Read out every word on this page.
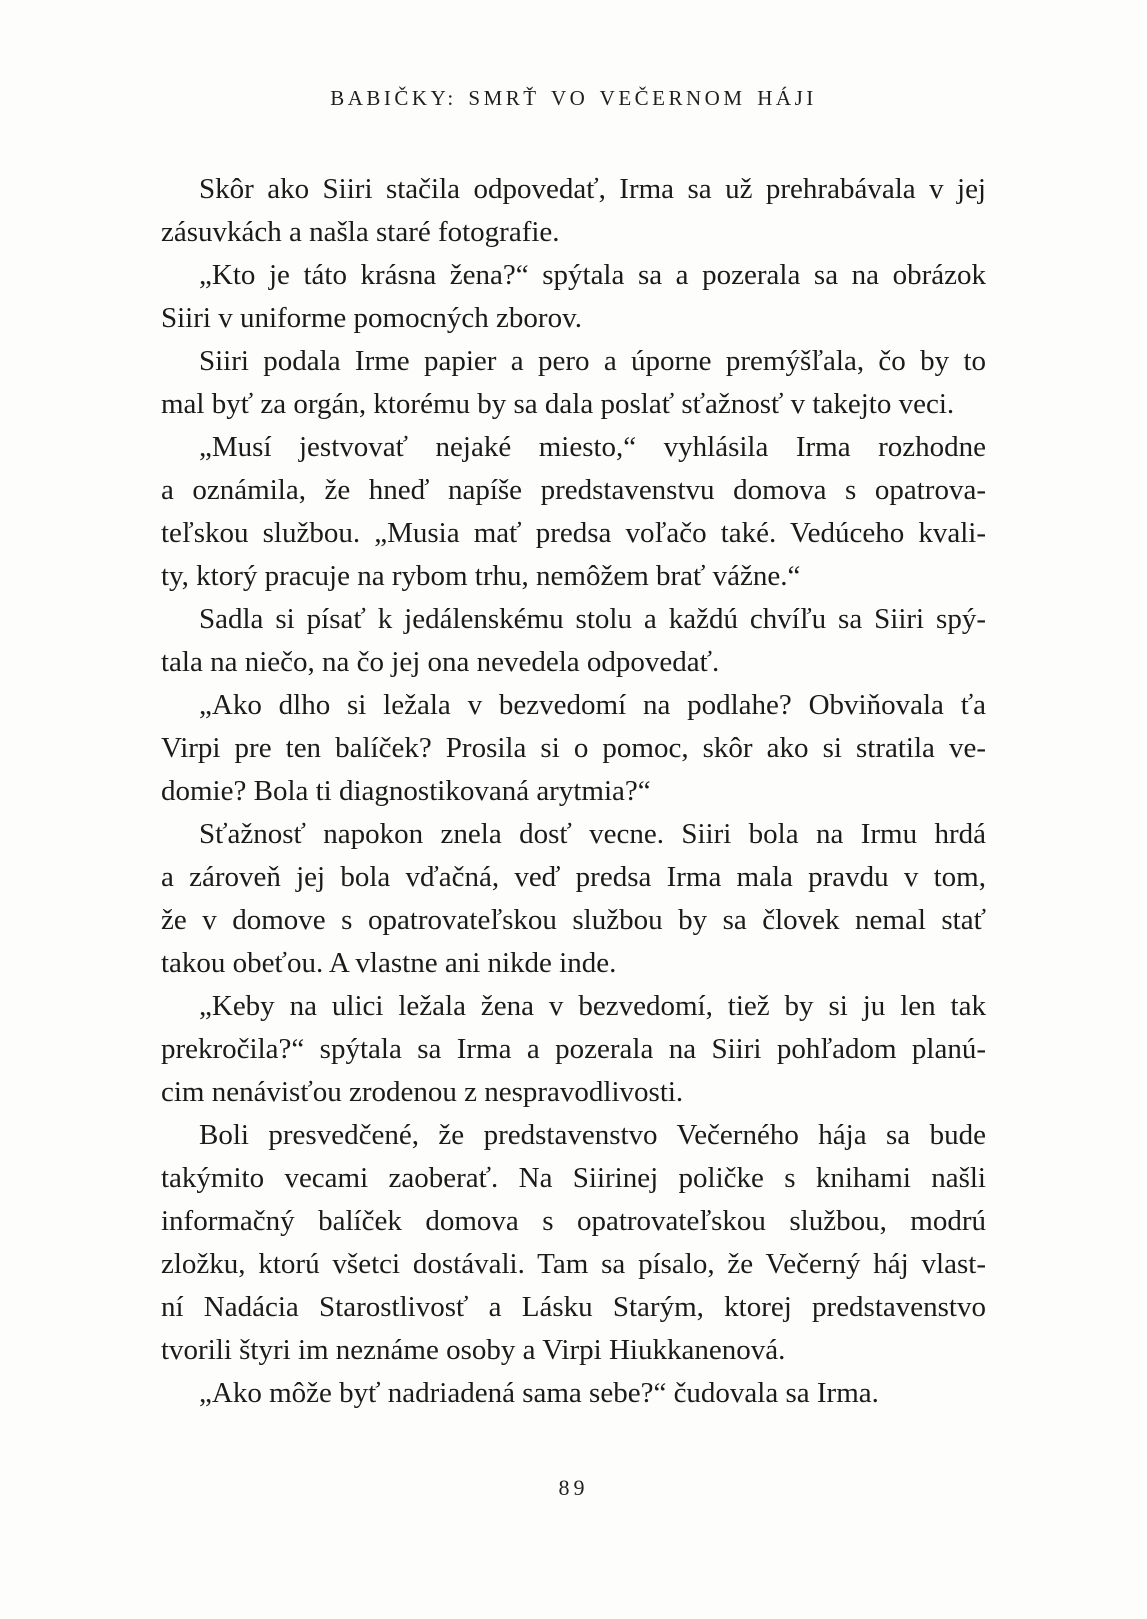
BABIČKY: SMRŤ VO VEČERNOM HÁJI
Skôr ako Siiri stačila odpovedať, Irma sa už prehrabávala v jej
zásuvkách a našla staré fotografie.
„Kto je táto krásna žena?“ spýtala sa a pozerala sa na obrázok
Siiri v uniforme pomocných zborov.
Siiri podala Irme papier a pero a úporne premýšľala, čo by to
mal byť za orgán, ktorému by sa dala poslať sťažnosť v takejto veci.
„Musí jestvovať nejaké miesto,“ vyhlásila Irma rozhodne
a oznámila, že hneď napíše predstavenstvu domova s opatrova-
teľskou službou. „Musia mať predsa voľačo také. Vedúceho kvali-
ty, ktorý pracuje na rybom trhu, nemôžem brať vážne.“
Sadla si písať k jedálenskému stolu a každú chvíľu sa Siiri spý-
tala na niečo, na čo jej ona nevedela odpovedať.
„Ako dlho si ležala v bezvedomí na podlahe? Obviňovala ťa
Virpi pre ten balíček? Prosila si o pomoc, skôr ako si stratila ve-
domie? Bola ti diagnostikovaná arytmia?“
Sťažnosť napokon znela dosť vecne. Siiri bola na Irmu hrdá
a zároveň jej bola vďačná, veď predsa Irma mala pravdu v tom,
že v domove s opatrovateľskou službou by sa človek nemal stať
takou obeťou. A vlastne ani nikde inde.
„Keby na ulici ležala žena v bezvedomí, tiež by si ju len tak
prekročila?“ spýtala sa Irma a pozerala na Siiri pohľadom planú-
cim nenávisťou zrodenou z nespravodlivosti.
Boli presvedčené, že predstavenstvo Večerného hája sa bude
takýmito vecami zaoberať. Na Siirinej poličke s knihami našli
informačný balíček domova s opatrovateľskou službou, modrú
zložku, ktorú všetci dostávali. Tam sa písalo, že Večerný háj vlast-
ní Nadácia Starostlivosť a Lásku Starým, ktorej predstavenstvo
tvorili štyri im neznáme osoby a Virpi Hiukkanenová.
„Ako môže byť nadriadená sama sebe?“ čudovala sa Irma.
89
